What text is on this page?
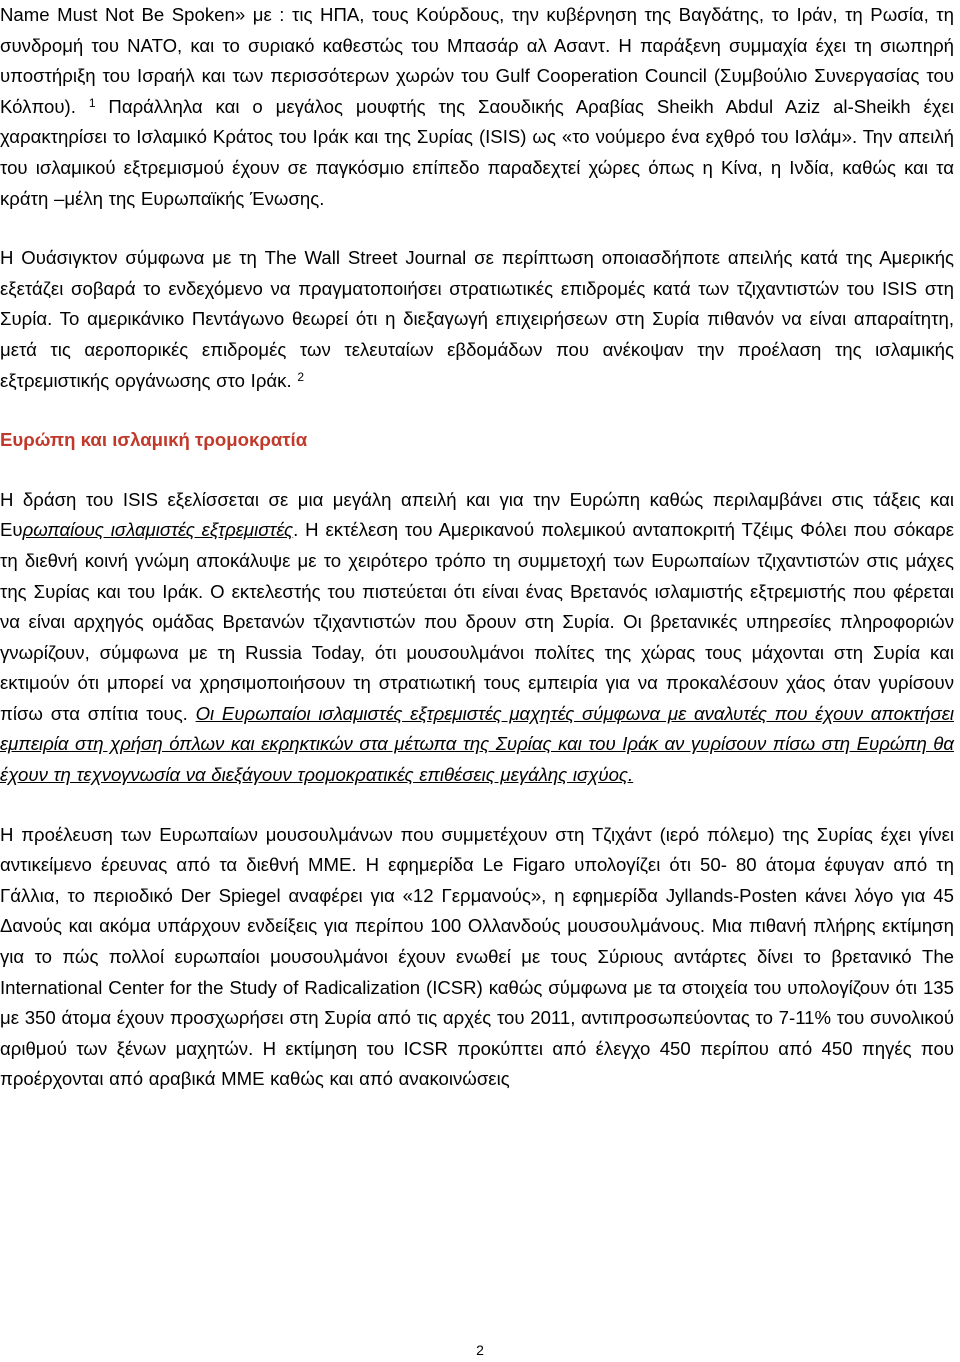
Name Must Not Be Spoken» με : τις ΗΠΑ, τους Κούρδους, την κυβέρνηση της Βαγδάτης, το Ιράν, τη Ρωσία, τη συνδρομή του ΝΑΤΟ, και το συριακό καθεστώς του Μπασάρ αλ Ασαντ. Η παράξενη συμμαχία έχει τη σιωπηρή υποστήριξη του Ισραήλ και των περισσότερων χωρών του Gulf Cooperation Council (Συμβούλιο Συνεργασίας του Κόλπου). $^1$ Παράλληλα και ο μεγάλος μουφτής της Σαουδικής Αραβίας Sheikh Abdul Aziz al-Sheikh έχει χαρακτηρίσει το Ισλαμικό Κράτος του Ιράκ και της Συρίας (ISIS) ως «το νούμερο ένα εχθρό του Ισλάμ». Την απειλή του ισλαμικού εξτρεμισμού έχουν σε παγκόσμιο επίπεδο παραδεχτεί χώρες όπως η Κίνα, η Ινδία, καθώς και τα κράτη –μέλη της Ευρωπαϊκής Ένωσης.

Η Ουάσιγκτον σύμφωνα με τη The Wall Street Journal σε περίπτωση οποιασδήποτε απειλής κατά της Αμερικής εξετάζει σοβαρά το ενδεχόμενο να πραγματοποιήσει στρατιωτικές επιδρομές κατά των τζιχαντιστών του ISIS στη Συρία. Το αμερικάνικο Πεντάγωνο θεωρεί ότι η διεξαγωγή επιχειρήσεων στη Συρία πιθανόν να είναι απαραίτητη, μετά τις αεροπορικές επιδρομές των τελευταίων εβδομάδων που ανέκοψαν την προέλαση της ισλαμικής εξτρεμιστικής οργάνωσης στο Ιράκ. $^2$

Ευρώπη και ισλαμική τρομοκρατία

Η δράση του ISIS εξελίσσεται σε μια μεγάλη απειλή και για την Ευρώπη καθώς περιλαμβάνει στις τάξεις και Ευρωπαίους ισλαμιστές εξτρεμιστές. Η εκτέλεση του Αμερικανού πολεμικού ανταποκριτή Τζέιμς Φόλει που σόκαρε τη διεθνή κοινή γνώμη αποκάλυψε με το χειρότερο τρόπο τη συμμετοχή των Ευρωπαίων τζιχαντιστών στις μάχες της Συρίας και του Ιράκ. Ο εκτελεστής του πιστεύεται ότι είναι ένας Βρετανός ισλαμιστής εξτρεμιστής που φέρεται να είναι αρχηγός ομάδας Βρετανών τζιχαντιστών που δρουν στη Συρία. Οι βρετανικές υπηρεσίες πληροφοριών γνωρίζουν, σύμφωνα με τη Russia Today, ότι μουσουλμάνοι πολίτες της χώρας τους μάχονται στη Συρία και εκτιμούν ότι μπορεί να χρησιμοποιήσουν τη στρατιωτική τους εμπειρία για να προκαλέσουν χάος όταν γυρίσουν πίσω στα σπίτια τους. Οι Ευρωπαίοι ισλαμιστές εξτρεμιστές μαχητές σύμφωνα με αναλυτές που έχουν αποκτήσει εμπειρία στη χρήση όπλων και εκρηκτικών στα μέτωπα της Συρίας και του Ιράκ αν γυρίσουν πίσω στη Ευρώπη θα έχουν τη τεχνογνωσία να διεξάγουν τρομοκρατικές επιθέσεις μεγάλης ισχύος.

Η προέλευση των Ευρωπαίων μουσουλμάνων που συμμετέχουν στη Τζιχάντ (ιερό πόλεμο) της Συρίας έχει γίνει αντικείμενο έρευνας από τα διεθνή ΜΜΕ. Η εφημερίδα Le Figaro υπολογίζει ότι 50- 80 άτομα έφυγαν από τη Γάλλια, το περιοδικό Der Spiegel αναφέρει για «12 Γερμανούς», η εφημερίδα Jyllands-Posten κάνει λόγο για 45 Δανούς και ακόμα υπάρχουν ενδείξεις για περίπου 100 Ολλανδούς μουσουλμάνους. Μια πιθανή πλήρης εκτίμηση για το πώς πολλοί ευρωπαίοι μουσουλμάνοι έχουν ενωθεί με τους Σύριους αντάρτες δίνει το βρετανικό The International Center for the Study of Radicalization (ICSR) καθώς σύμφωνα με τα στοιχεία του υπολογίζουν ότι 135 με 350 άτομα έχουν προσχωρήσει στη Συρία από τις αρχές του 2011, αντιπροσωπεύοντας το 7-11% του συνολικού αριθμού των ξένων μαχητών. Η εκτίμηση του ICSR προκύπτει από έλεγχο 450 περίπου από 450 πηγές που προέρχονται από αραβικά ΜΜΕ καθώς και από ανακοινώσεις

2
